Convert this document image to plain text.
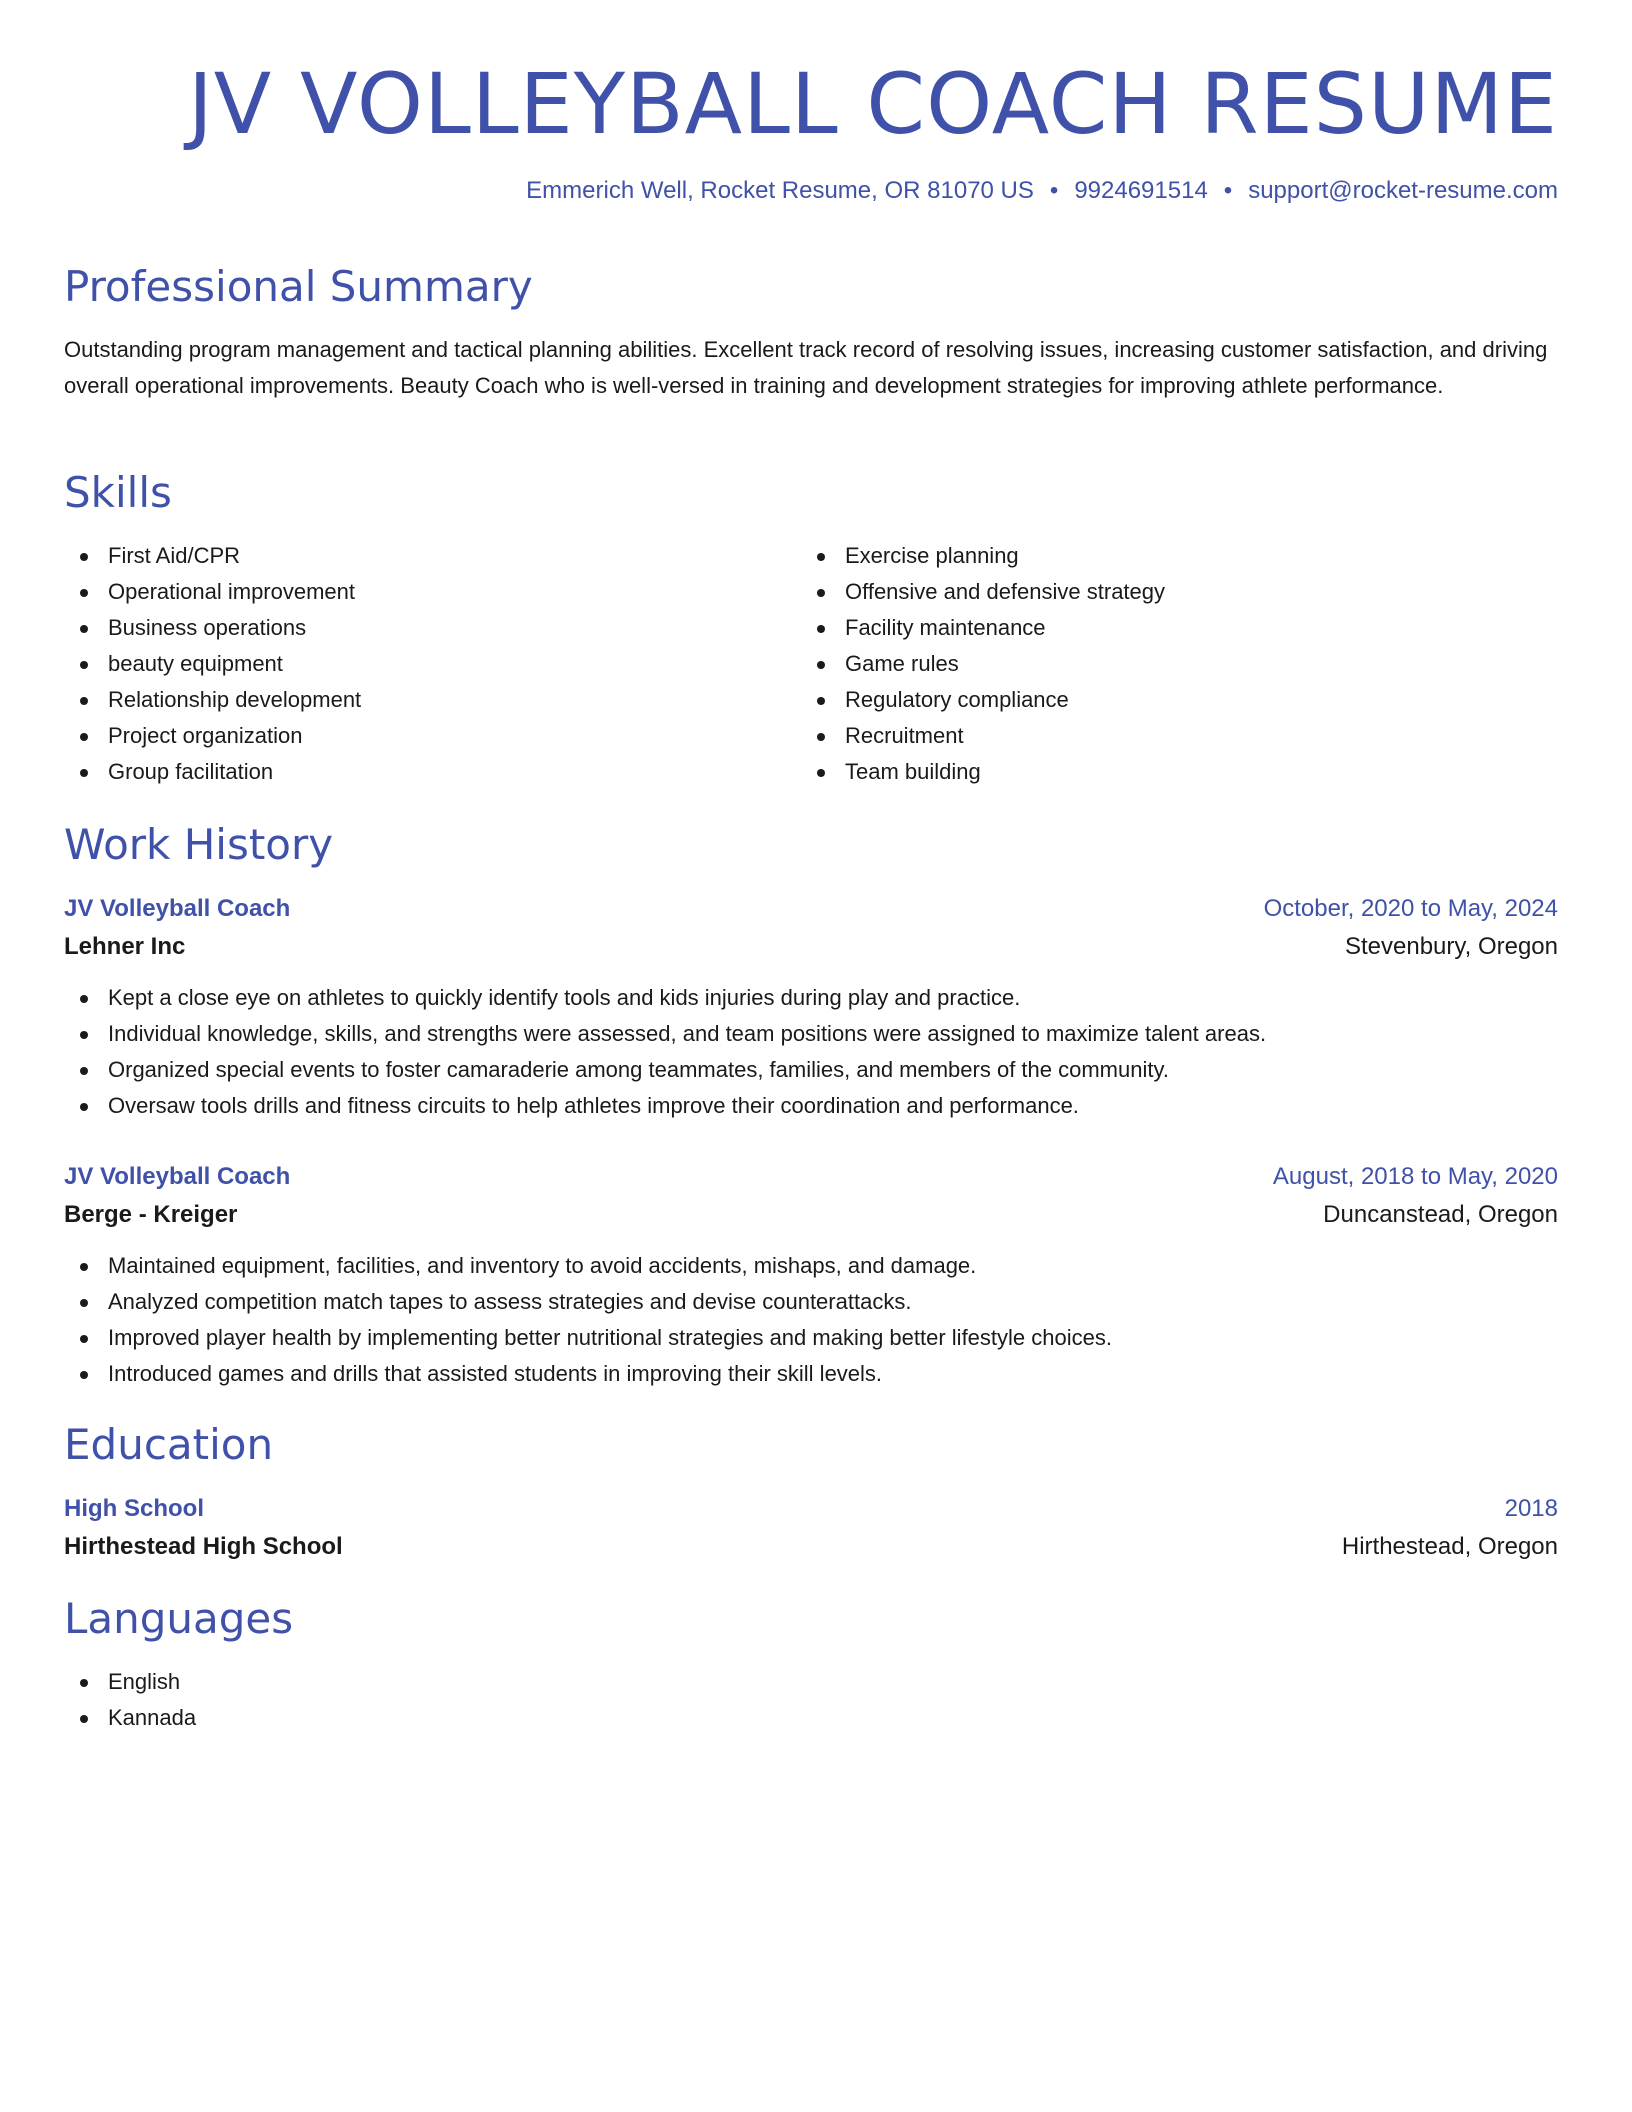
JV VOLLEYBALL COACH RESUME
Emmerich Well, Rocket Resume, OR 81070 US • 9924691514 • support@rocket-resume.com
Professional Summary

Outstanding program management and tactical planning abilities. Excellent track record of resolving issues, increasing customer satisfaction, and driving overall operational improvements. Beauty Coach who is well-versed in training and development strategies for improving athlete performance.

Skills
First Aid/CPR
Operational improvement
Business operations
beauty equipment
Relationship development
Project organization
Group facilitation
Exercise planning
Offensive and defensive strategy
Facility maintenance
Game rules
Regulatory compliance
Recruitment
Team building
Work History
JV Volleyball Coach	October, 2020 to May, 2024
Lehner Inc	Stevenbury, Oregon
Kept a close eye on athletes to quickly identify tools and kids injuries during play and practice.
Individual knowledge, skills, and strengths were assessed, and team positions were assigned to maximize talent areas.
Organized special events to foster camaraderie among teammates, families, and members of the community.
Oversaw tools drills and fitness circuits to help athletes improve their coordination and performance.
JV Volleyball Coach	August, 2018 to May, 2020
Berge - Kreiger	Duncanstead, Oregon
Maintained equipment, facilities, and inventory to avoid accidents, mishaps, and damage.
Analyzed competition match tapes to assess strategies and devise counterattacks.
Improved player health by implementing better nutritional strategies and making better lifestyle choices.
Introduced games and drills that assisted students in improving their skill levels.
Education
High School	2018
Hirthestead High School	Hirthestead, Oregon
Languages
English
Kannada
